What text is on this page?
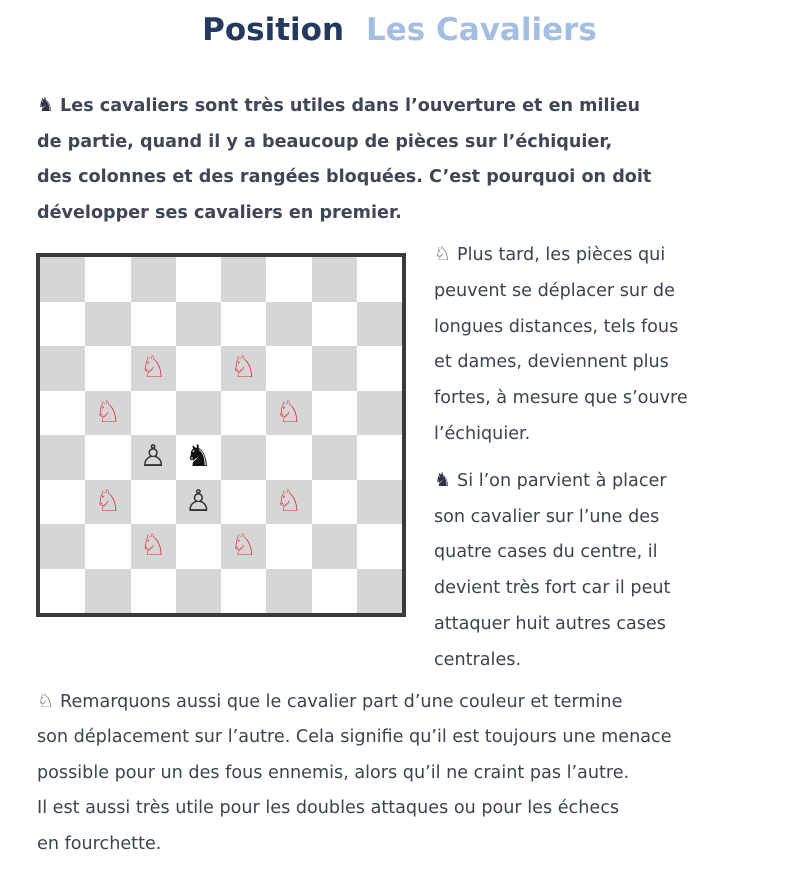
Position Les Cavaliers
♞ Les cavaliers sont très utiles dans l’ouverture et en milieu
de partie, quand il y a beaucoup de pièces sur l’échiquier,
des colonnes et des rangées bloquées. C’est pourquoi on doit
développer ses cavaliers en premier.
♘	♘
♘	♘
♘	♘
♘	♘
♞
♙
♙

♘ Plus tard, les pièces qui
peuvent se déplacer sur de
longues distances, tels fous
et dames, deviennent plus
fortes, à mesure que s’ouvre
l’échiquier.

♞ Si l’on parvient à placer
son cavalier sur l’une des
quatre cases du centre, il
devient très fort car il peut
attaquer huit autres cases
centrales.

♘ Remarquons aussi que le cavalier part d’une couleur et termine
son déplacement sur l’autre. Cela signifie qu’il est toujours une menace
possible pour un des fous ennemis, alors qu’il ne craint pas l’autre.
Il est aussi très utile pour les doubles attaques ou pour les échecs
en fourchette.
